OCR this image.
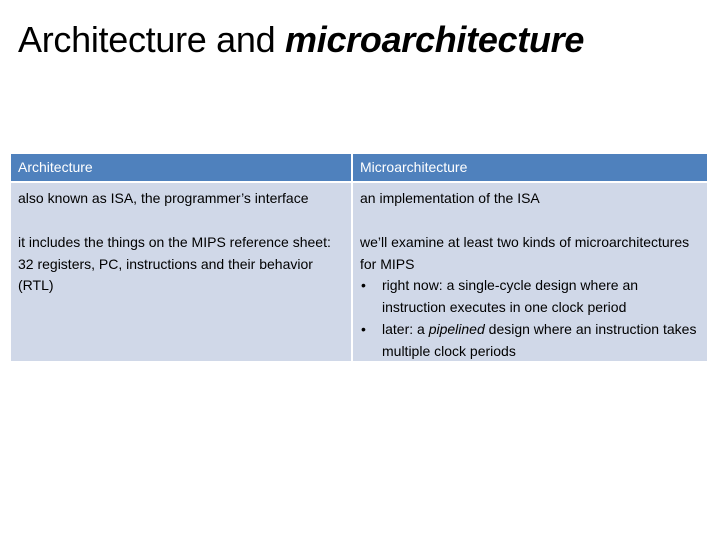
Architecture and microarchitecture
Architecture	Microarchitecture

also known as ISA, the programmer’s interface

it includes the things on the MIPS reference sheet: 32 registers, PC, instructions and their behavior (RTL)

an implementation of the ISA

we’ll examine at least two kinds of microarchitectures for MIPS

• right now: a single-cycle design where an instruction executes in one clock period
• later: a pipelined design where an instruction takes multiple clock periods
